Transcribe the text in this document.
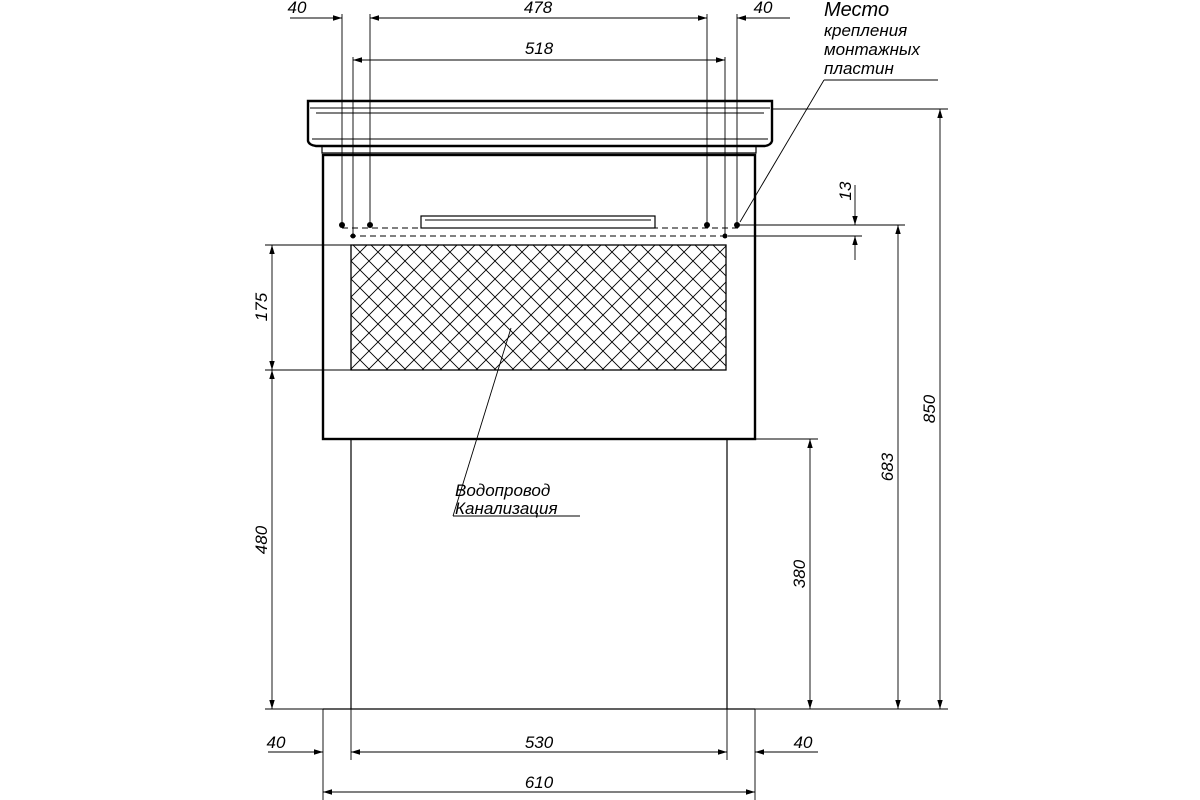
40	478	40
518
13
175
480
380
683
850
40	530	40
610
Место
крепления
монтажных
пластин
Водопровод
Канализация
